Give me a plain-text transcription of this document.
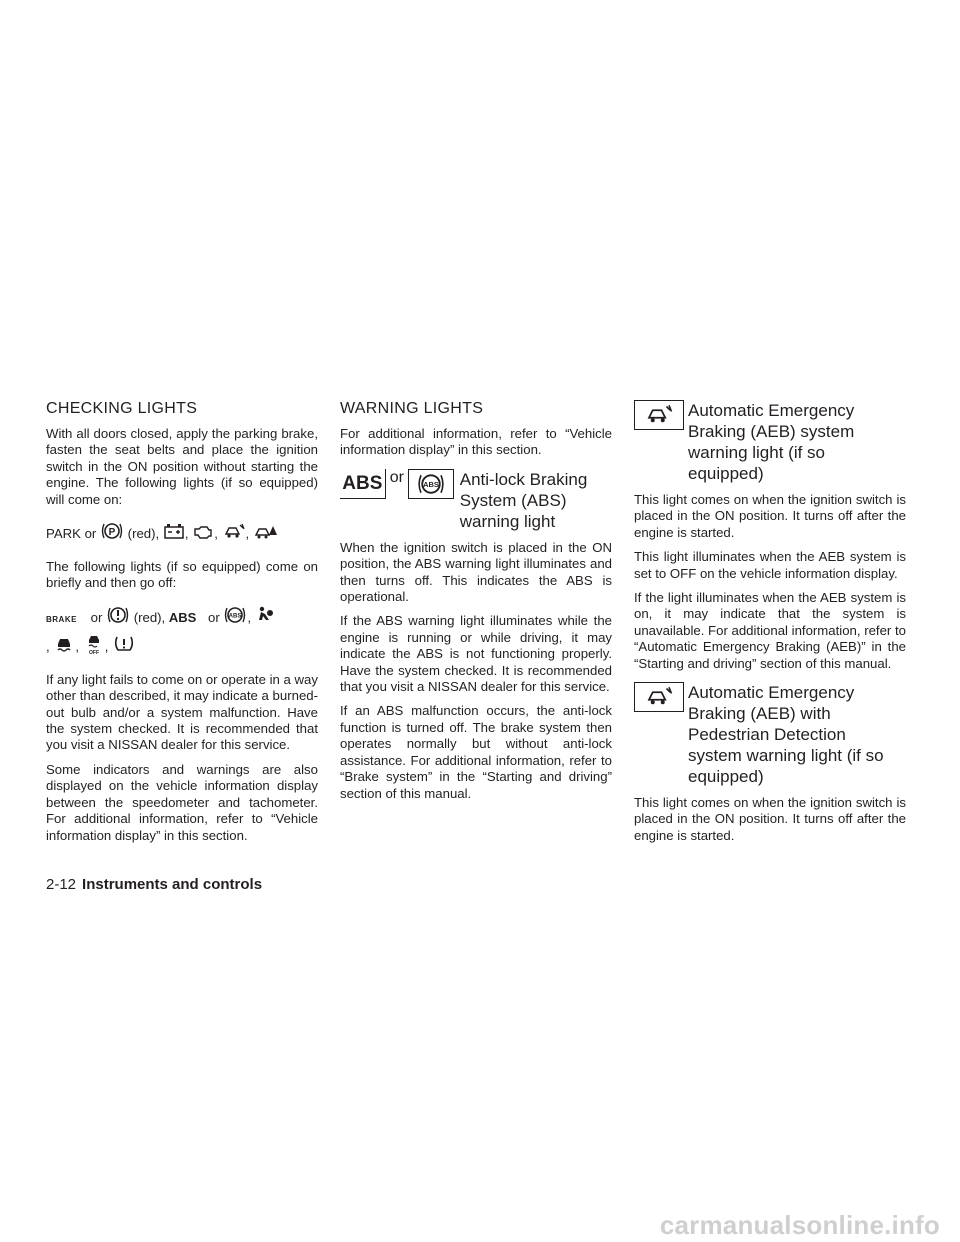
CHECKING LIGHTS

With all doors closed, apply the parking brake, fasten the seat belts and place the ignition switch in the ON position without starting the engine. The following lights (if so equipped) will come on:

PARK or P (red), , , ,

The following lights (if so equipped) come on briefly and then go off:

BRAKE or (red), ABS or ABS ,
, , OFF ,

If any light fails to come on or operate in a way other than described, it may indicate a burned-out bulb and/or a system malfunction. Have the system checked. It is recommended that you visit a NISSAN dealer for this service.

Some indicators and warnings are also displayed on the vehicle information display between the speedometer and tachometer. For additional information, refer to “Vehicle information display” in this section.

WARNING LIGHTS

For additional information, refer to “Vehicle information display” in this section.

ABS or	ABS Anti-lock Braking System (ABS) warning light

When the ignition switch is placed in the ON position, the ABS warning light illuminates and then turns off. This indicates the ABS is operational.

If the ABS warning light illuminates while the engine is running or while driving, it may indicate the ABS is not functioning properly. Have the system checked. It is recommended that you visit a NISSAN dealer for this service.

If an ABS malfunction occurs, the anti-lock function is turned off. The brake system then operates normally but without anti-lock assistance. For additional information, refer to “Brake system” in the “Starting and driving” section of this manual.

Automatic Emergency Braking (AEB) system warning light (if so equipped)

This light comes on when the ignition switch is placed in the ON position. It turns off after the engine is started.

This light illuminates when the AEB system is set to OFF on the vehicle information display.

If the light illuminates when the AEB system is on, it may indicate that the system is unavailable. For additional information, refer to “Automatic Emergency Braking (AEB)” in the “Starting and driving” section of this manual.

Automatic Emergency Braking (AEB) with Pedestrian Detection system warning light (if so equipped)

This light comes on when the ignition switch is placed in the ON position. It turns off after the engine is started.

2-12 Instruments and controls
carmanualsonline.info
